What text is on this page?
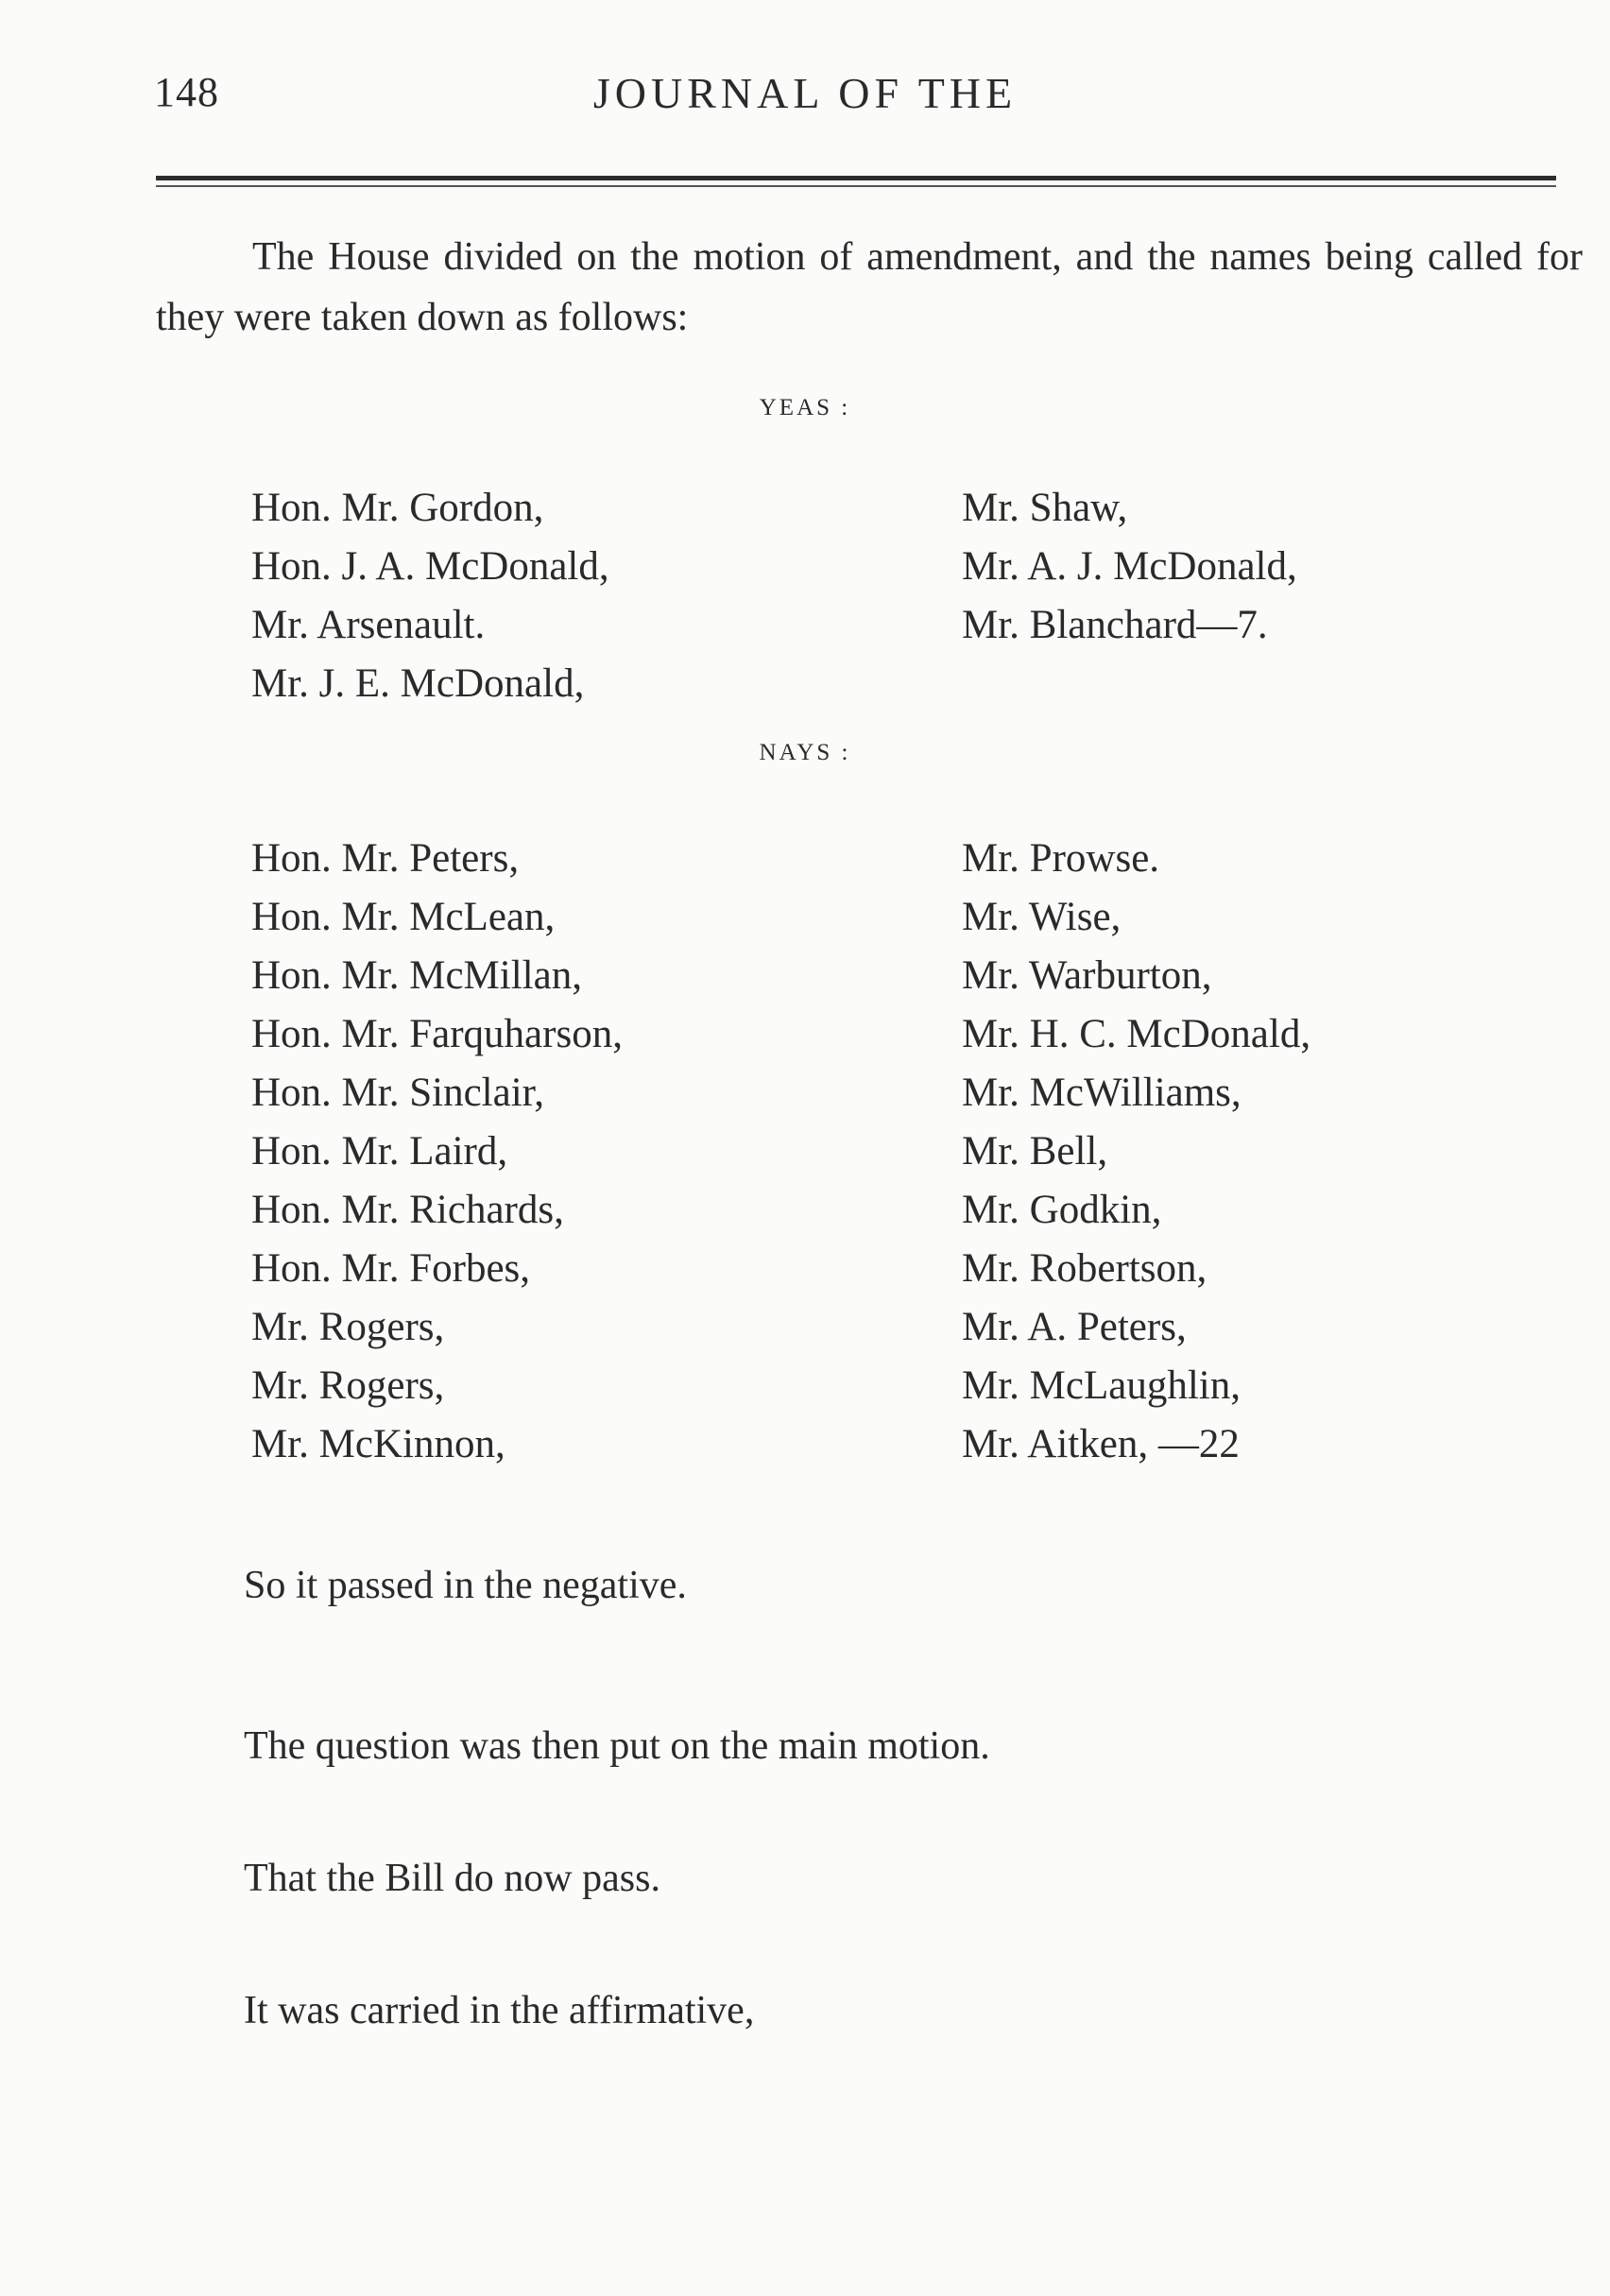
148	JOURNAL OF THE

The House divided on the motion of amendment, and the names being called for they were taken down as follows:

YEAS :
Hon. Mr. Gordon,
Hon. J. A. McDonald,
Mr. Arsenault.
Mr. J. E. McDonald,
Mr. Shaw,
Mr. A. J. McDonald,
Mr. Blanchard—7.
NAYS :
Hon. Mr. Peters,
Hon. Mr. McLean,
Hon. Mr. McMillan,
Hon. Mr. Farquharson,
Hon. Mr. Sinclair,
Hon. Mr. Laird,
Hon. Mr. Richards,
Hon. Mr. Forbes,
Mr. Rogers,
Mr. Rogers,
Mr. McKinnon,
Mr. Prowse.
Mr. Wise,
Mr. Warburton,
Mr. H. C. McDonald,
Mr. McWilliams,
Mr. Bell,
Mr. Godkin,
Mr. Robertson,
Mr. A. Peters,
Mr. McLaughlin,
Mr. Aitken, —22

So it passed in the negative.

The question was then put on the main motion.

That the Bill do now pass.

It was carried in the affirmative,
